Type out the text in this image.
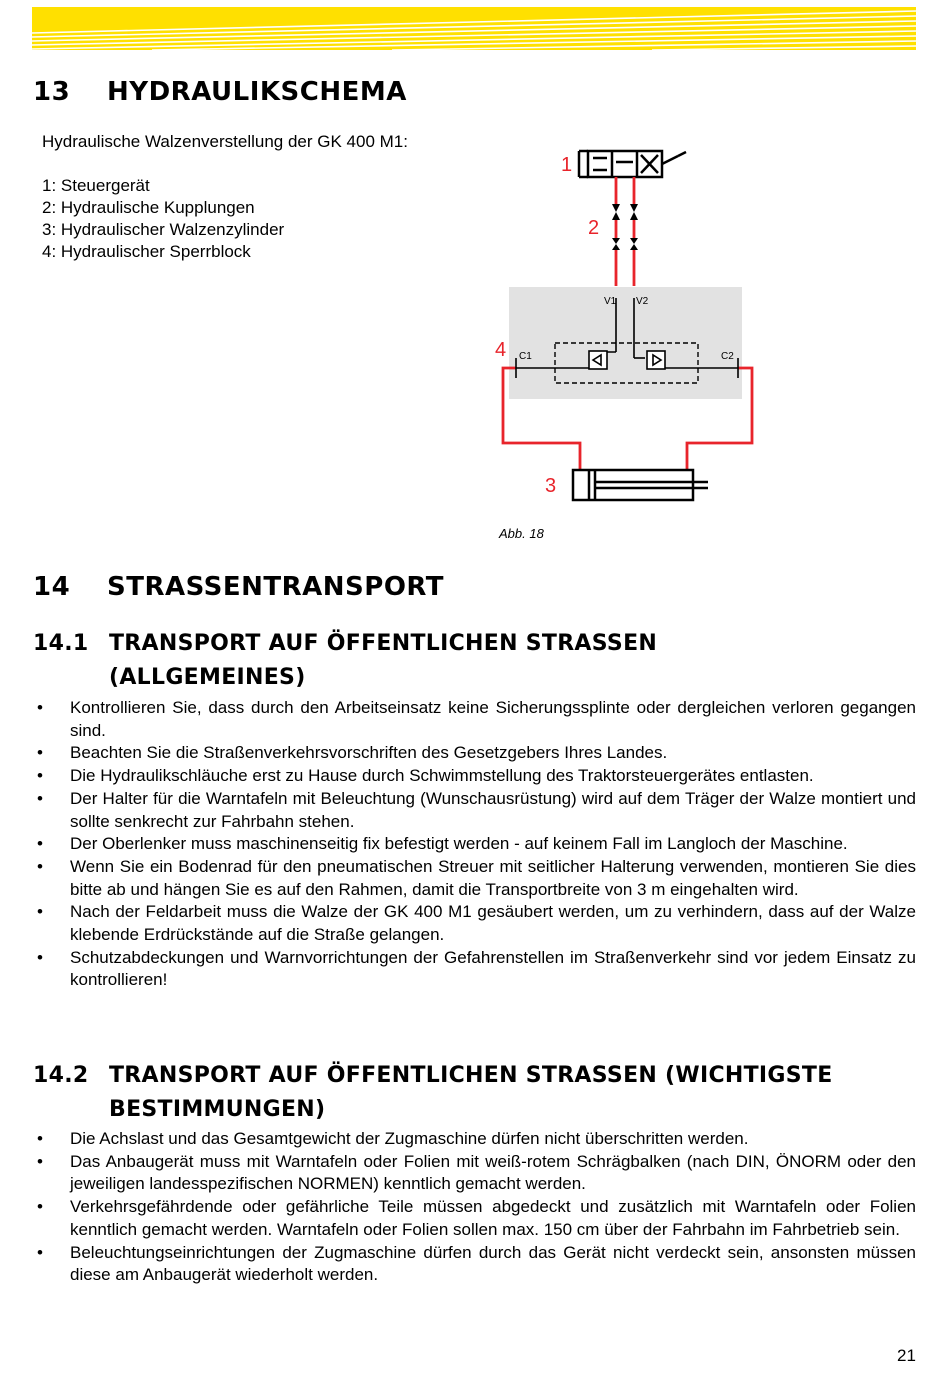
13 HYDRAULIKSCHEMA

Hydraulische Walzenverstellung der GK 400 M1:

1: Steuergerät

2: Hydraulische Kupplungen

3: Hydraulischer Walzenzylinder

4: Hydraulischer Sperrblock

1
2
4
3
V1 V2
C1	C2
Abb. 18
14 STRASSENTRANSPORT
14.1 TRANSPORT AUF ÖFFENTLICHEN STRASSEN (ALLGEMEINES)
• Kontrollieren Sie, dass durch den Arbeitseinsatz keine Sicherungssplinte oder dergleichen verloren gegangen sind.
• Beachten Sie die Straßenverkehrsvorschriften des Gesetzgebers Ihres Landes.
• Die Hydraulikschläuche erst zu Hause durch Schwimmstellung des Traktorsteuergerätes entlasten.
• Der Halter für die Warntafeln mit Beleuchtung (Wunschausrüstung) wird auf dem Träger der Walze montiert und sollte senkrecht zur Fahrbahn stehen.
• Der Oberlenker muss maschinenseitig fix befestigt werden - auf keinem Fall im Langloch der Maschine.
• Wenn Sie ein Bodenrad für den pneumatischen Streuer mit seitlicher Halterung verwenden, montieren Sie dies bitte ab und hängen Sie es auf den Rahmen, damit die Transportbreite von 3 m eingehalten wird.
• Nach der Feldarbeit muss die Walze der GK 400 M1 gesäubert werden, um zu verhindern, dass auf der Walze klebende Erdrückstände auf die Straße gelangen.
• Schutzabdeckungen und Warnvorrichtungen der Gefahrenstellen im Straßenverkehr sind vor jedem Einsatz zu kontrollieren!
14.2 TRANSPORT AUF ÖFFENTLICHEN STRASSEN (WICHTIGSTE BESTIMMUNGEN)
• Die Achslast und das Gesamtgewicht der Zugmaschine dürfen nicht überschritten werden.
• Das Anbaugerät muss mit Warntafeln oder Folien mit weiß-rotem Schrägbalken (nach DIN, ÖNORM oder den jeweiligen landesspezifischen NORMEN) kenntlich gemacht werden.
• Verkehrsgefährdende oder gefährliche Teile müssen abgedeckt und zusätzlich mit Warntafeln oder Folien kenntlich gemacht werden. Warntafeln oder Folien sollen max. 150 cm über der Fahrbahn im Fahrbetrieb sein.
• Beleuchtungseinrichtungen der Zugmaschine dürfen durch das Gerät nicht verdeckt sein, ansonsten müssen diese am Anbaugerät wiederholt werden.
21
